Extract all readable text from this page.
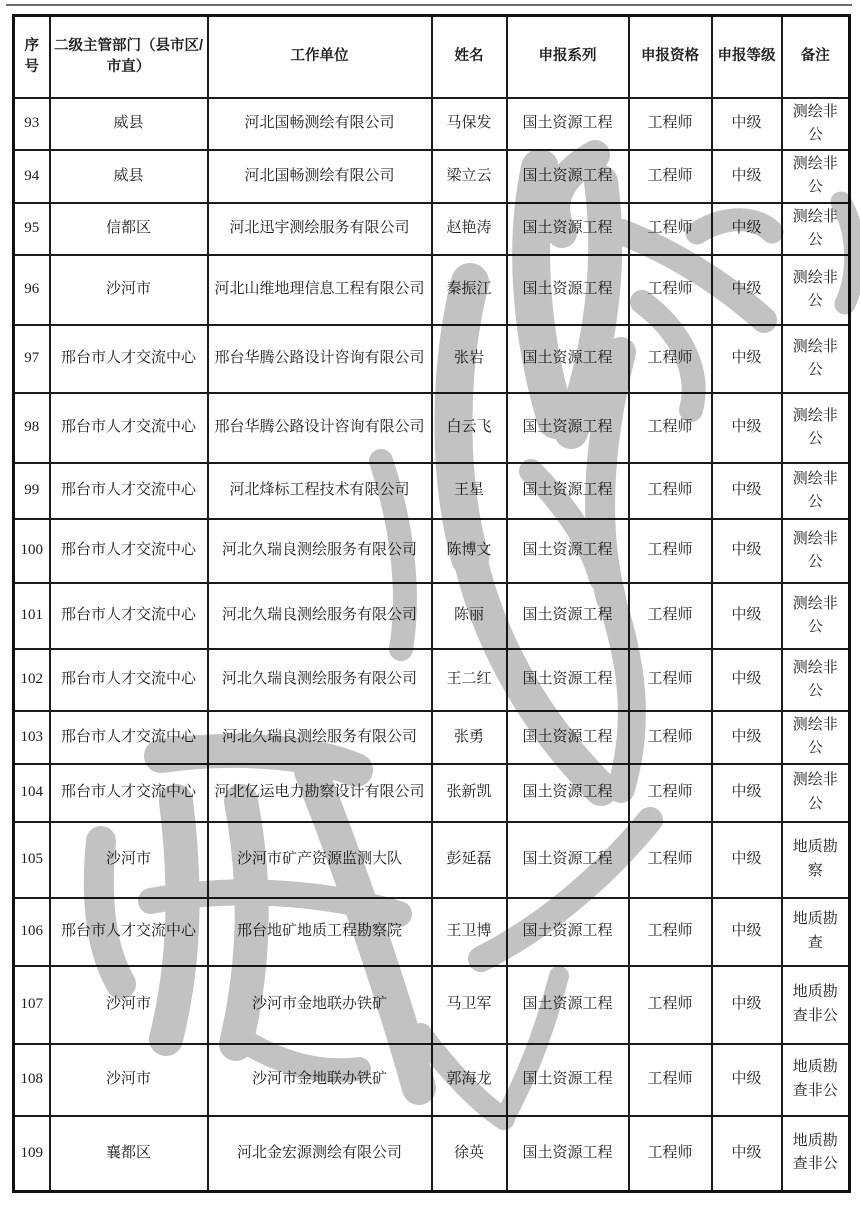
序号	二级主管部门（县市区/市直）	工作单位	姓名	申报系列	申报资格	申报等级	备注
93	威县	河北国畅测绘有限公司	马保发	国土资源工程	工程师	中级	测绘非公
94	威县	河北国畅测绘有限公司	梁立云	国土资源工程	工程师	中级	测绘非公
95	信都区	河北迅宇测绘服务有限公司	赵艳涛	国土资源工程	工程师	中级	测绘非公
96	沙河市	河北山维地理信息工程有限公司	秦振江	国土资源工程	工程师	中级	测绘非公
97	邢台市人才交流中心	邢台华腾公路设计咨询有限公司	张岩	国土资源工程	工程师	中级	测绘非公
98	邢台市人才交流中心	邢台华腾公路设计咨询有限公司	白云飞	国土资源工程	工程师	中级	测绘非公
99	邢台市人才交流中心	河北烽标工程技术有限公司	王星	国土资源工程	工程师	中级	测绘非公
100	邢台市人才交流中心	河北久瑞良测绘服务有限公司	陈博文	国土资源工程	工程师	中级	测绘非公
101	邢台市人才交流中心	河北久瑞良测绘服务有限公司	陈丽	国土资源工程	工程师	中级	测绘非公
102	邢台市人才交流中心	河北久瑞良测绘服务有限公司	王二红	国土资源工程	工程师	中级	测绘非公
103	邢台市人才交流中心	河北久瑞良测绘服务有限公司	张勇	国土资源工程	工程师	中级	测绘非公
104	邢台市人才交流中心	河北亿运电力勘察设计有限公司	张新凯	国土资源工程	工程师	中级	测绘非公
105	沙河市	沙河市矿产资源监测大队	彭延磊	国土资源工程	工程师	中级	地质勘察
106	邢台市人才交流中心	邢台地矿地质工程勘察院	王卫博	国土资源工程	工程师	中级	地质勘查
107	沙河市	沙河市金地联办铁矿	马卫军	国土资源工程	工程师	中级	地质勘查非公
108	沙河市	沙河市金地联办铁矿	郭海龙	国土资源工程	工程师	中级	地质勘查非公
109	襄都区	河北金宏源测绘有限公司	徐英	国土资源工程	工程师	中级	地质勘查非公
